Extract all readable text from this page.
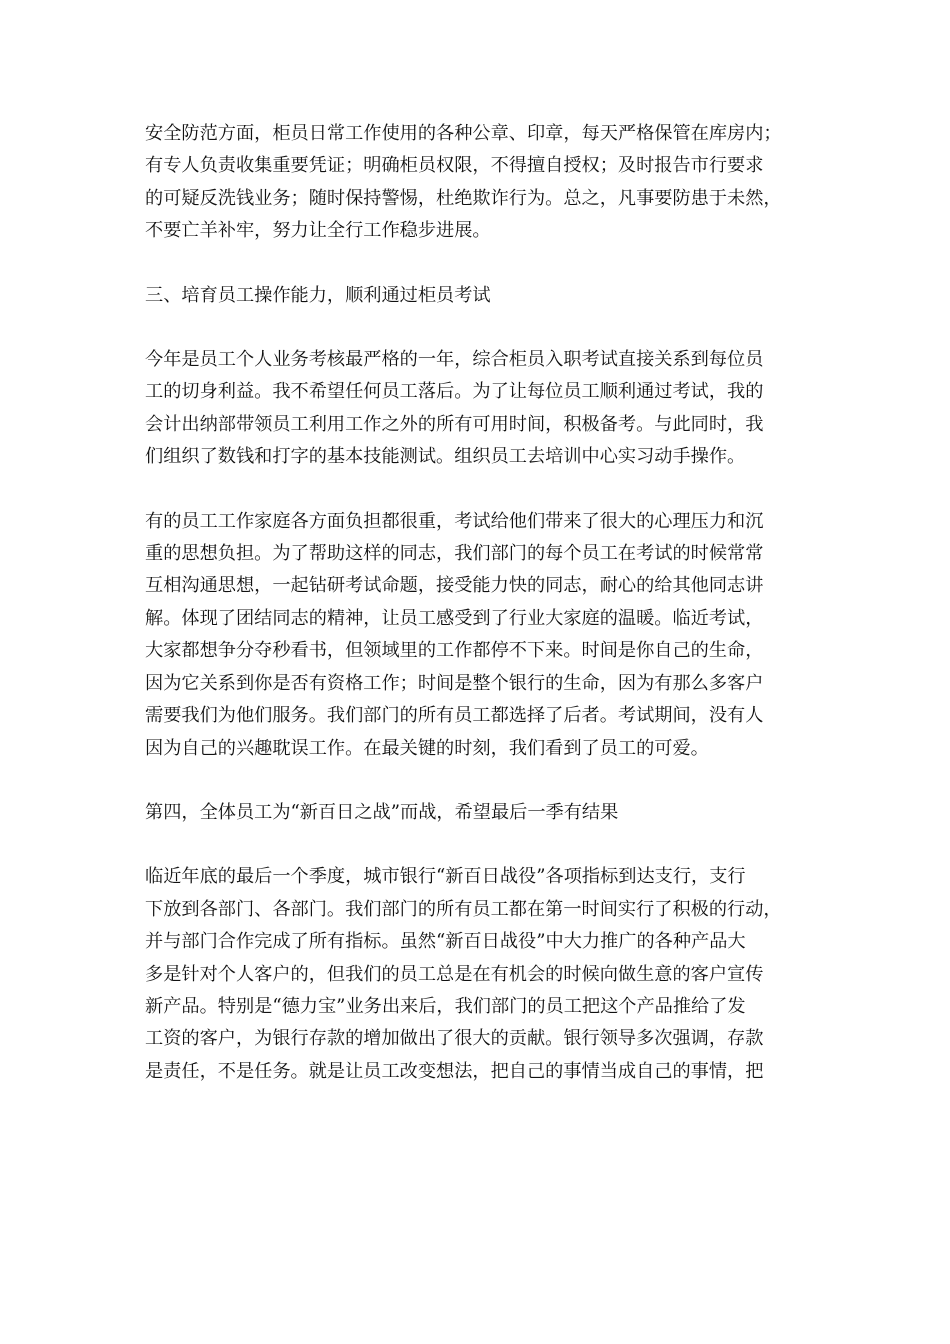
安全防范方面，柜员日常工作使用的各种公章、印章，每天严格保管在库房内；
有专人负责收集重要凭证；明确柜员权限，不得擅自授权；及时报告市行要求
的可疑反洗钱业务；随时保持警惕，杜绝欺诈行为。总之，凡事要防患于未然，
不要亡羊补牢，努力让全行工作稳步进展。

三、培育员工操作能力，顺利通过柜员考试

今年是员工个人业务考核最严格的一年，综合柜员入职考试直接关系到每位员
工的切身利益。我不希望任何员工落后。为了让每位员工顺利通过考试，我的
会计出纳部带领员工利用工作之外的所有可用时间，积极备考。与此同时，我
们组织了数钱和打字的基本技能测试。组织员工去培训中心实习动手操作。

有的员工工作家庭各方面负担都很重，考试给他们带来了很大的心理压力和沉
重的思想负担。为了帮助这样的同志，我们部门的每个员工在考试的时候常常
互相沟通思想，一起钻研考试命题，接受能力快的同志，耐心的给其他同志讲
解。体现了团结同志的精神，让员工感受到了行业大家庭的温暖。临近考试，
大家都想争分夺秒看书，但领域里的工作都停不下来。时间是你自己的生命，
因为它关系到你是否有资格工作；时间是整个银行的生命，因为有那么多客户
需要我们为他们服务。我们部门的所有员工都选择了后者。考试期间，没有人
因为自己的兴趣耽误工作。在最关键的时刻，我们看到了员工的可爱。

第四，全体员工为“新百日之战”而战，希望最后一季有结果

临近年底的最后一个季度，城市银行“新百日战役”各项指标到达支行，支行
下放到各部门、各部门。我们部门的所有员工都在第一时间实行了积极的行动，
并与部门合作完成了所有指标。虽然“新百日战役”中大力推广的各种产品大
多是针对个人客户的，但我们的员工总是在有机会的时候向做生意的客户宣传
新产品。特别是“德力宝”业务出来后，我们部门的员工把这个产品推给了发
工资的客户，为银行存款的增加做出了很大的贡献。银行领导多次强调，存款
是责任，不是任务。就是让员工改变想法，把自己的事情当成自己的事情，把
